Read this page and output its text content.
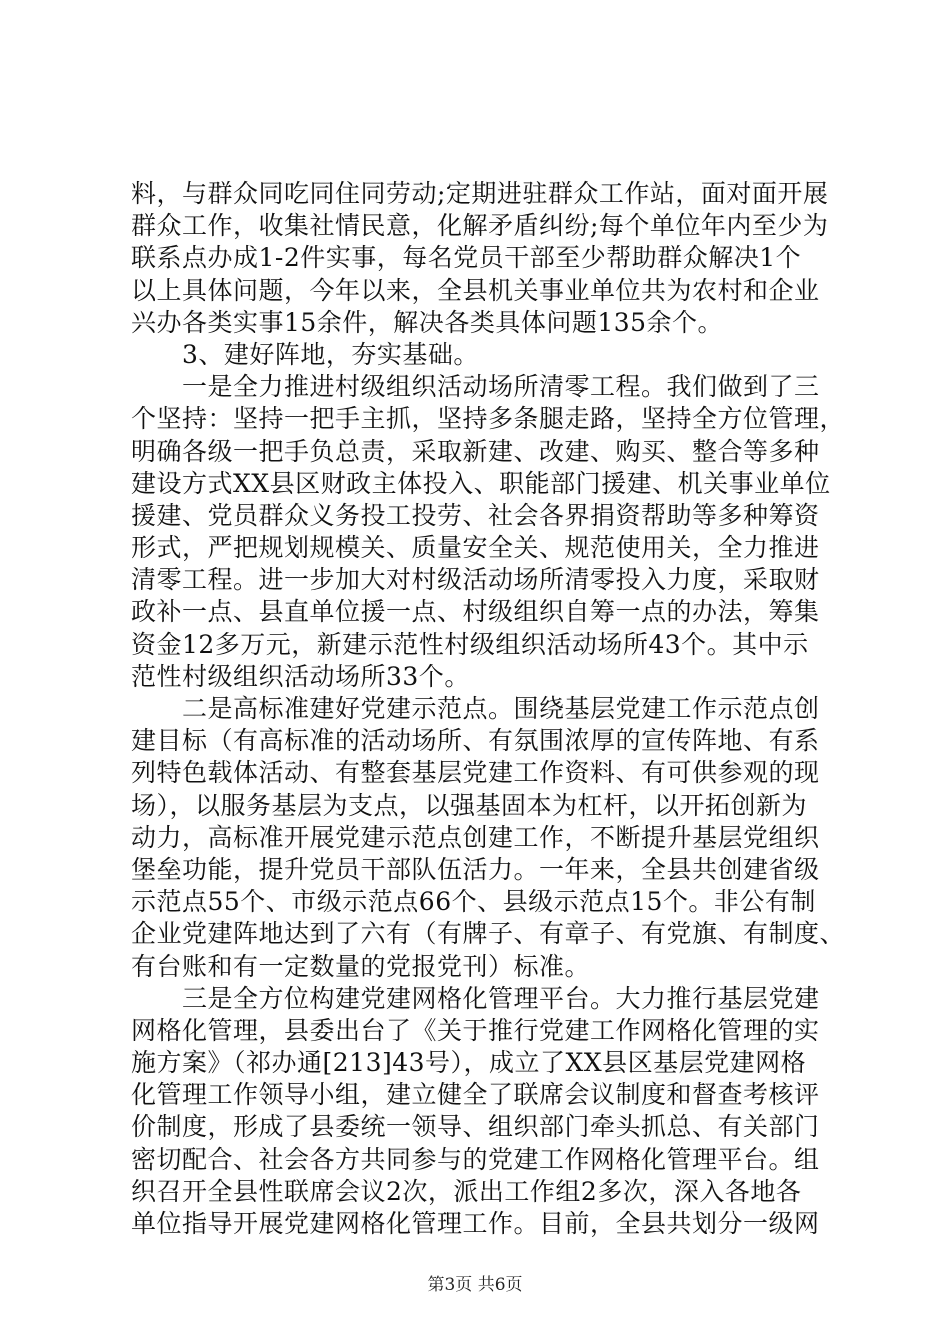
料，与群众同吃同住同劳动;定期进驻群众工作站，面对面开展
群众工作，收集社情民意，化解矛盾纠纷;每个单位年内至少为
联系点办成1-2件实事，每名党员干部至少帮助群众解决1个
以上具体问题，今年以来，全县机关事业单位共为农村和企业
兴办各类实事15余件，解决各类具体问题135余个。
　　3、建好阵地，夯实基础。
　　一是全力推进村级组织活动场所清零工程。我们做到了三
个坚持：坚持一把手主抓，坚持多条腿走路，坚持全方位管理，
明确各级一把手负总责，采取新建、改建、购买、整合等多种
建设方式XX县区财政主体投入、职能部门援建、机关事业单位
援建、党员群众义务投工投劳、社会各界捐资帮助等多种筹资
形式，严把规划规模关、质量安全关、规范使用关，全力推进
清零工程。进一步加大对村级活动场所清零投入力度，采取财
政补一点、县直单位援一点、村级组织自筹一点的办法，筹集
资金12多万元，新建示范性村级组织活动场所43个。其中示
范性村级组织活动场所33个。
　　二是高标准建好党建示范点。围绕基层党建工作示范点创
建目标（有高标准的活动场所、有氛围浓厚的宣传阵地、有系
列特色载体活动、有整套基层党建工作资料、有可供参观的现
场），以服务基层为支点，以强基固本为杠杆，以开拓创新为
动力，高标准开展党建示范点创建工作，不断提升基层党组织
堡垒功能，提升党员干部队伍活力。一年来，全县共创建省级
示范点55个、市级示范点66个、县级示范点15个。非公有制
企业党建阵地达到了六有（有牌子、有章子、有党旗、有制度、
有台账和有一定数量的党报党刊）标准。
　　三是全方位构建党建网格化管理平台。大力推行基层党建
网格化管理，县委出台了《关于推行党建工作网格化管理的实
施方案》（祁办通[213]43号），成立了XX县区基层党建网格
化管理工作领导小组，建立健全了联席会议制度和督查考核评
价制度，形成了县委统一领导、组织部门牵头抓总、有关部门
密切配合、社会各方共同参与的党建工作网格化管理平台。组
织召开全县性联席会议2次，派出工作组2多次，深入各地各
单位指导开展党建网格化管理工作。目前，全县共划分一级网
第3页 共6页
